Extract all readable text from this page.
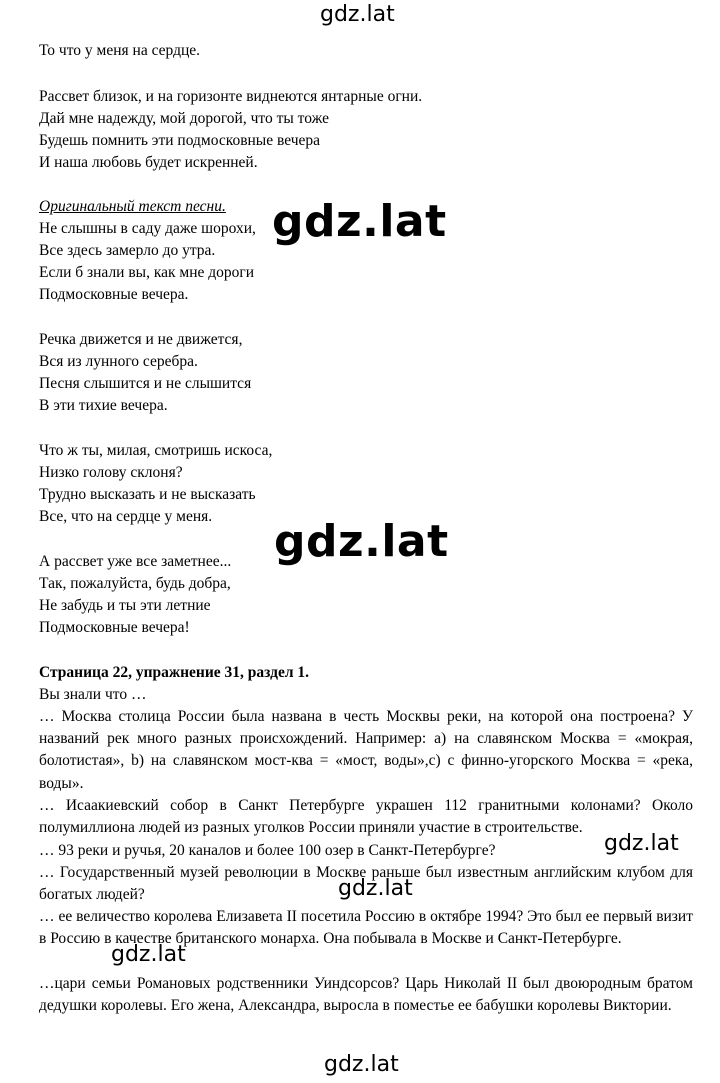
gdz.lat
gdz.lat
gdz.lat
gdz.lat
gdz.lat
gdz.lat
gdz.lat
То что у меня на сердце.
Рассвет близок, и на горизонте виднеются янтарные огни.
Дай мне надежду, мой дорогой, что ты тоже
Будешь помнить эти подмосковные вечера
И наша любовь будет искренней.
Оригинальный текст песни.
Не слышны в саду даже шорохи,
Все здесь замерло до утра.
Если б знали вы, как мне дороги
Подмосковные вечера.
Речка движется и не движется,
Вся из лунного серебра.
Песня слышится и не слышится
В эти тихие вечера.
Что ж ты, милая, смотришь искоса,
Низко голову склоня?
Трудно высказать и не высказать
Все, что на сердце у меня.
А рассвет уже все заметнее...
Так, пожалуйста, будь добра,
Не забудь и ты эти летние
Подмосковные вечера!
Страница 22, упражнение 31, раздел 1.
Вы знали что …
… Москва столица России была названа в честь Москвы реки, на которой она построена? У названий рек много разных происхождений. Например: a) на славянском Москва = «мокрая, болотистая», b) на славянском мост-ква = «мост, воды»,c) с финно-угорского Москва = «река, воды».
… Исаакиевский собор в Санкт Петербурге украшен 112 гранитными колонами? Около полумиллиона людей из разных уголков России приняли участие в строительстве.
… 93 реки и ручья, 20 каналов и более 100 озер в Санкт-Петербурге?
… Государственный музей революции в Москве раньше был известным английским клубом для богатых людей?
… ее величество королева Елизавета II посетила Россию в октябре 1994? Это был ее первый визит в Россию в качестве британского монарха. Она побывала в Москве и Санкт-Петербурге.
…цари семьи Романовых родственники Уиндсорсов? Царь Николай II был двоюродным братом дедушки королевы. Его жена, Александра, выросла в поместье ее бабушки королевы Виктории.
